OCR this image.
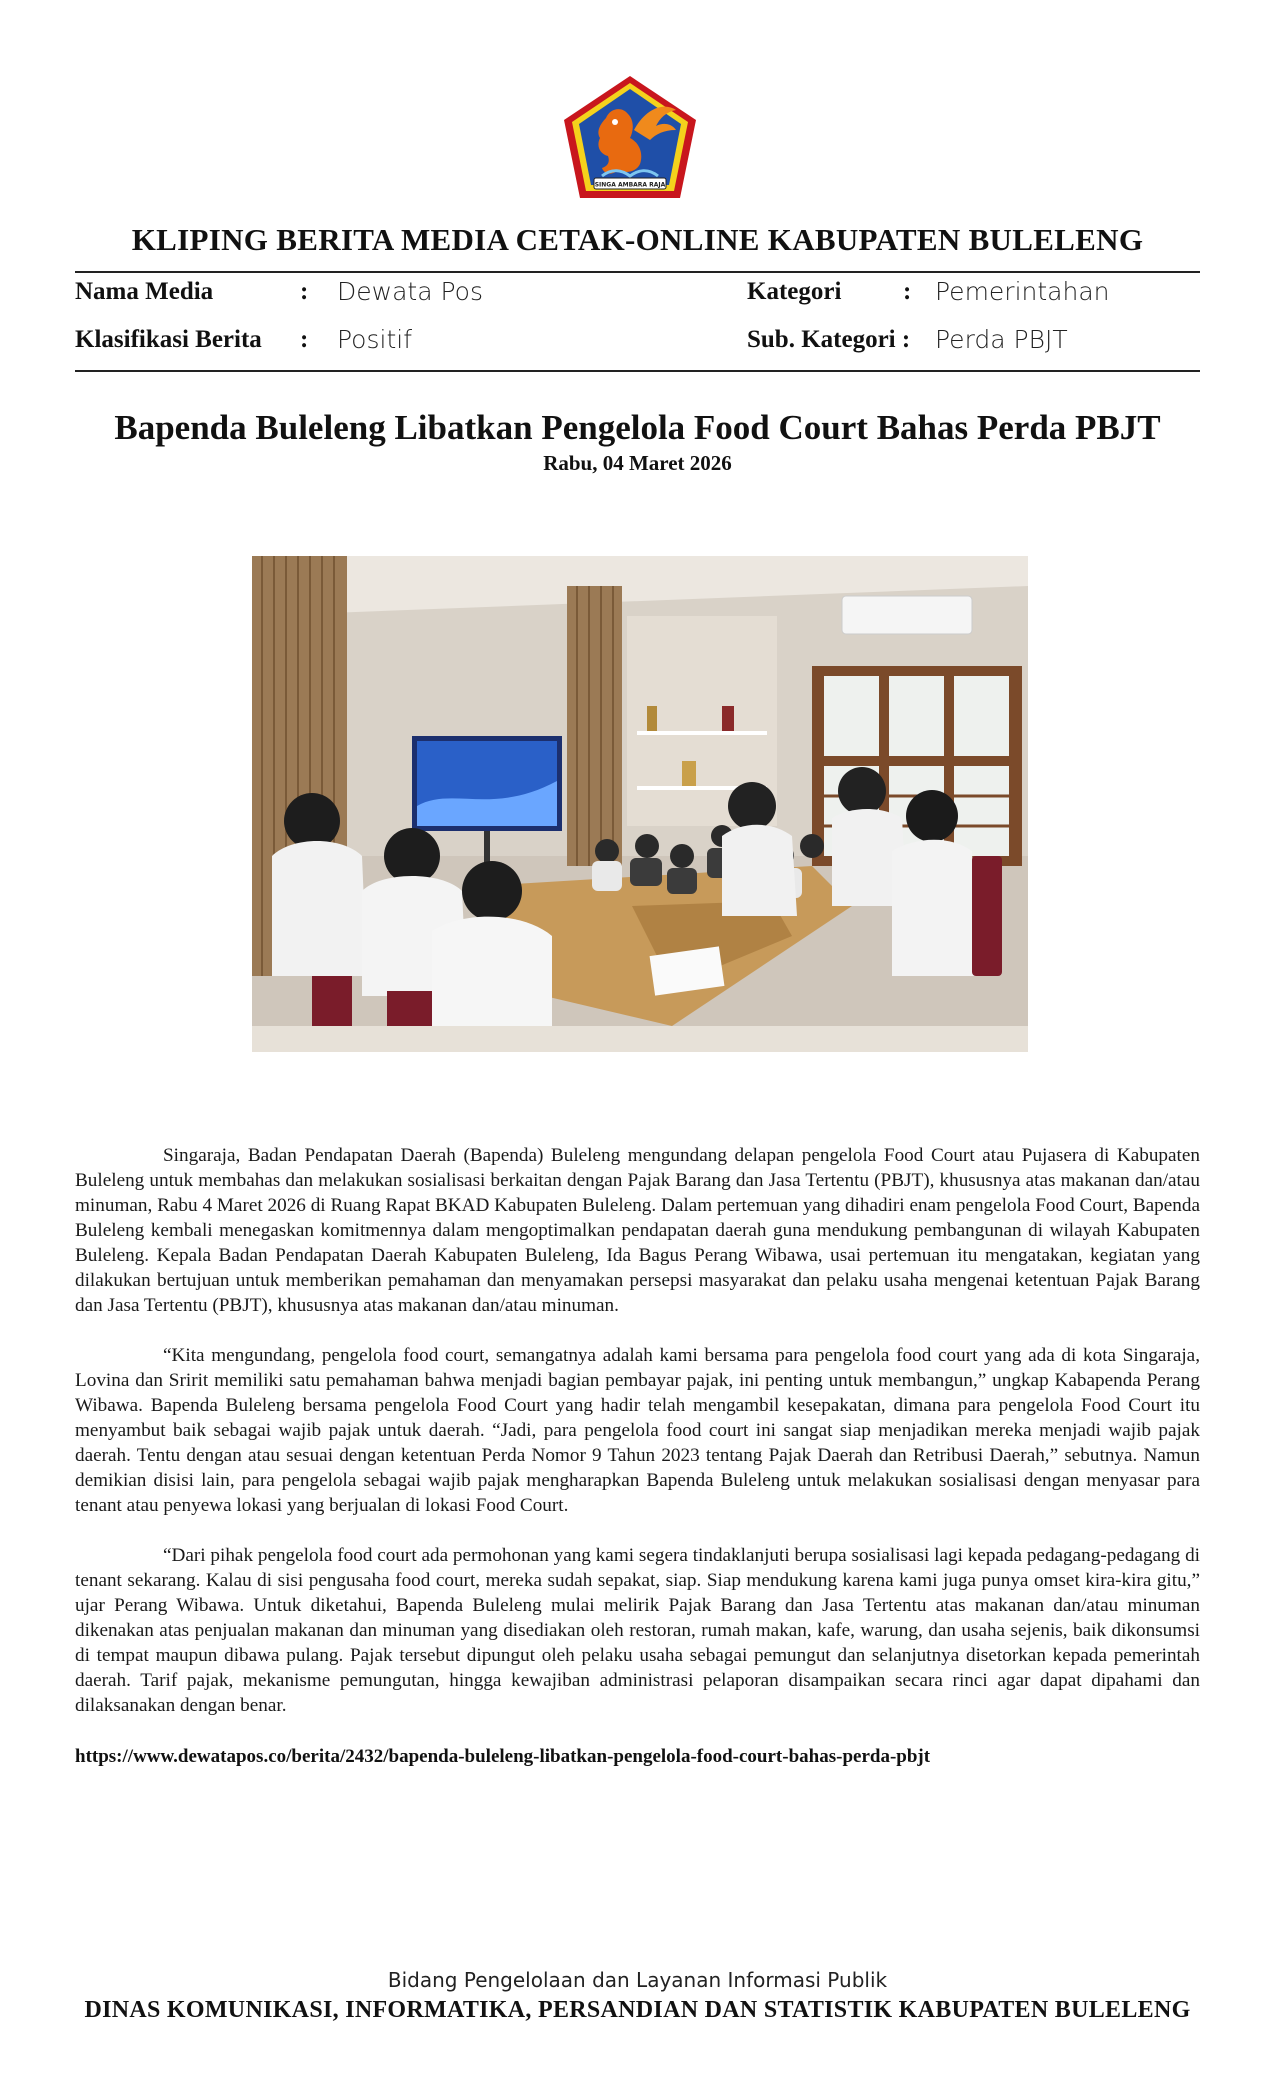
SINGA AMBARA RAJA
KLIPING BERITA MEDIA CETAK-ONLINE KABUPATEN BULELENG
Nama Media	: Dewata Pos	Kategori : Pemerintahan
Klasifikasi Berita : Positif	Sub. Kategori : Perda PBJT
Bapenda Buleleng Libatkan Pengelola Food Court Bahas Perda PBJT
Rabu, 04 Maret 2026

Singaraja, Badan Pendapatan Daerah (Bapenda) Buleleng mengundang delapan pengelola Food Court atau Pujasera di Kabupaten Buleleng untuk membahas dan melakukan sosialisasi berkaitan dengan Pajak Barang dan Jasa Tertentu (PBJT), khususnya atas makanan dan/atau minuman, Rabu 4 Maret 2026 di Ruang Rapat BKAD Kabupaten Buleleng. Dalam pertemuan yang dihadiri enam pengelola Food Court, Bapenda Buleleng kembali menegaskan komitmennya dalam mengoptimalkan pendapatan daerah guna mendukung pembangunan di wilayah Kabupaten Buleleng. Kepala Badan Pendapatan Daerah Kabupaten Buleleng, Ida Bagus Perang Wibawa, usai pertemuan itu mengatakan, kegiatan yang dilakukan bertujuan untuk memberikan pemahaman dan menyamakan persepsi masyarakat dan pelaku usaha mengenai ketentuan Pajak Barang dan Jasa Tertentu (PBJT), khususnya atas makanan dan/atau minuman.

“Kita mengundang, pengelola food court, semangatnya adalah kami bersama para pengelola food court yang ada di kota Singaraja, Lovina dan Sririt memiliki satu pemahaman bahwa menjadi bagian pembayar pajak, ini penting untuk membangun,” ungkap Kabapenda Perang Wibawa. Bapenda Buleleng bersama pengelola Food Court yang hadir telah mengambil kesepakatan, dimana para pengelola Food Court itu menyambut baik sebagai wajib pajak untuk daerah. “Jadi, para pengelola food court ini sangat siap menjadikan mereka menjadi wajib pajak daerah. Tentu dengan atau sesuai dengan ketentuan Perda Nomor 9 Tahun 2023 tentang Pajak Daerah dan Retribusi Daerah,” sebutnya. Namun demikian disisi lain, para pengelola sebagai wajib pajak mengharapkan Bapenda Buleleng untuk melakukan sosialisasi dengan menyasar para tenant atau penyewa lokasi yang berjualan di lokasi Food Court.

“Dari pihak pengelola food court ada permohonan yang kami segera tindaklanjuti berupa sosialisasi lagi kepada pedagang-pedagang di tenant sekarang. Kalau di sisi pengusaha food court, mereka sudah sepakat, siap. Siap mendukung karena kami juga punya omset kira-kira gitu,” ujar Perang Wibawa. Untuk diketahui, Bapenda Buleleng mulai melirik Pajak Barang dan Jasa Tertentu atas makanan dan/atau minuman dikenakan atas penjualan makanan dan minuman yang disediakan oleh restoran, rumah makan, kafe, warung, dan usaha sejenis, baik dikonsumsi di tempat maupun dibawa pulang. Pajak tersebut dipungut oleh pelaku usaha sebagai pemungut dan selanjutnya disetorkan kepada pemerintah daerah. Tarif pajak, mekanisme pemungutan, hingga kewajiban administrasi pelaporan disampaikan secara rinci agar dapat dipahami dan dilaksanakan dengan benar.

https://www.dewatapos.co/berita/2432/bapenda-buleleng-libatkan-pengelola-food-court-bahas-perda-pbjt
Bidang Pengelolaan dan Layanan Informasi Publik
DINAS KOMUNIKASI, INFORMATIKA, PERSANDIAN DAN STATISTIK KABUPATEN BULELENG
